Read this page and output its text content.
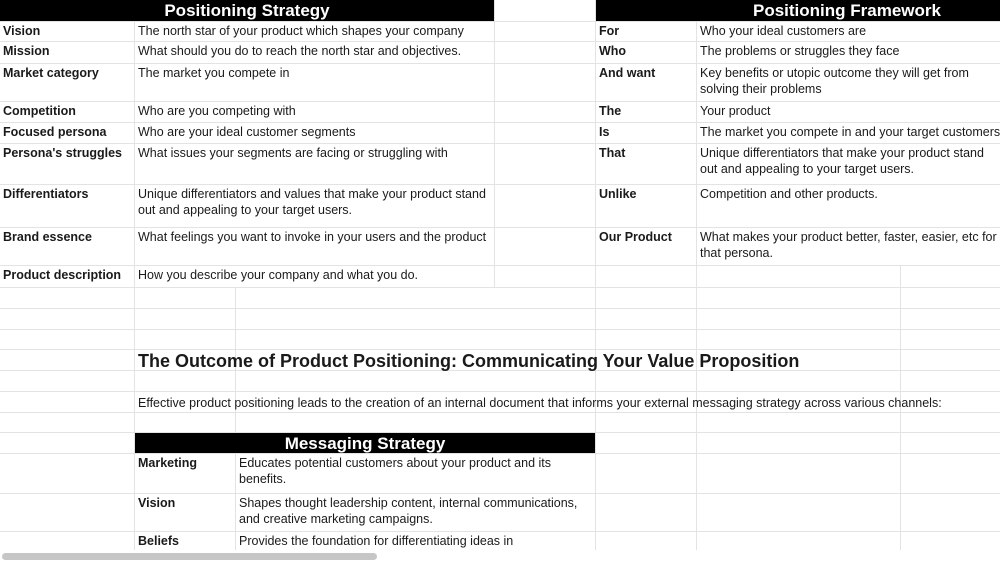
Positioning Strategy
Vision	The north star of your product which shapes your company
Mission	What should you do to reach the north star and objectives.
Market category	The market you compete in
Competition	Who are you competing with
Focused persona	Who are your ideal customer segments
Persona's struggles	What issues your segments are facing or struggling with
Differentiators	Unique differentiators and values that make your product stand out and appealing to your target users.
Brand essence	What feelings you want to invoke in your users and the product
Product description	How you describe your company and what you do.
Positioning Framework
For	Who your ideal customers are
Who	The problems or struggles they face
And want	Key benefits or utopic outcome they will get from solving their problems
The	Your product
Is	The market you compete in and your target customers
That	Unique differentiators that make your product stand out and appealing to your target users.
Unlike	Competition and other products.
Our Product	What makes your product better, faster, easier, etc for that persona.
The Outcome of Product Positioning: Communicating Your Value Proposition
Effective product positioning leads to the creation of an internal document that informs your external messaging strategy across various channels:
Messaging Strategy
Marketing	Educates potential customers about your product and its benefits.
Vision	Shapes thought leadership content, internal communications, and creative marketing campaigns.
Beliefs	Provides the foundation for differentiating ideas in
